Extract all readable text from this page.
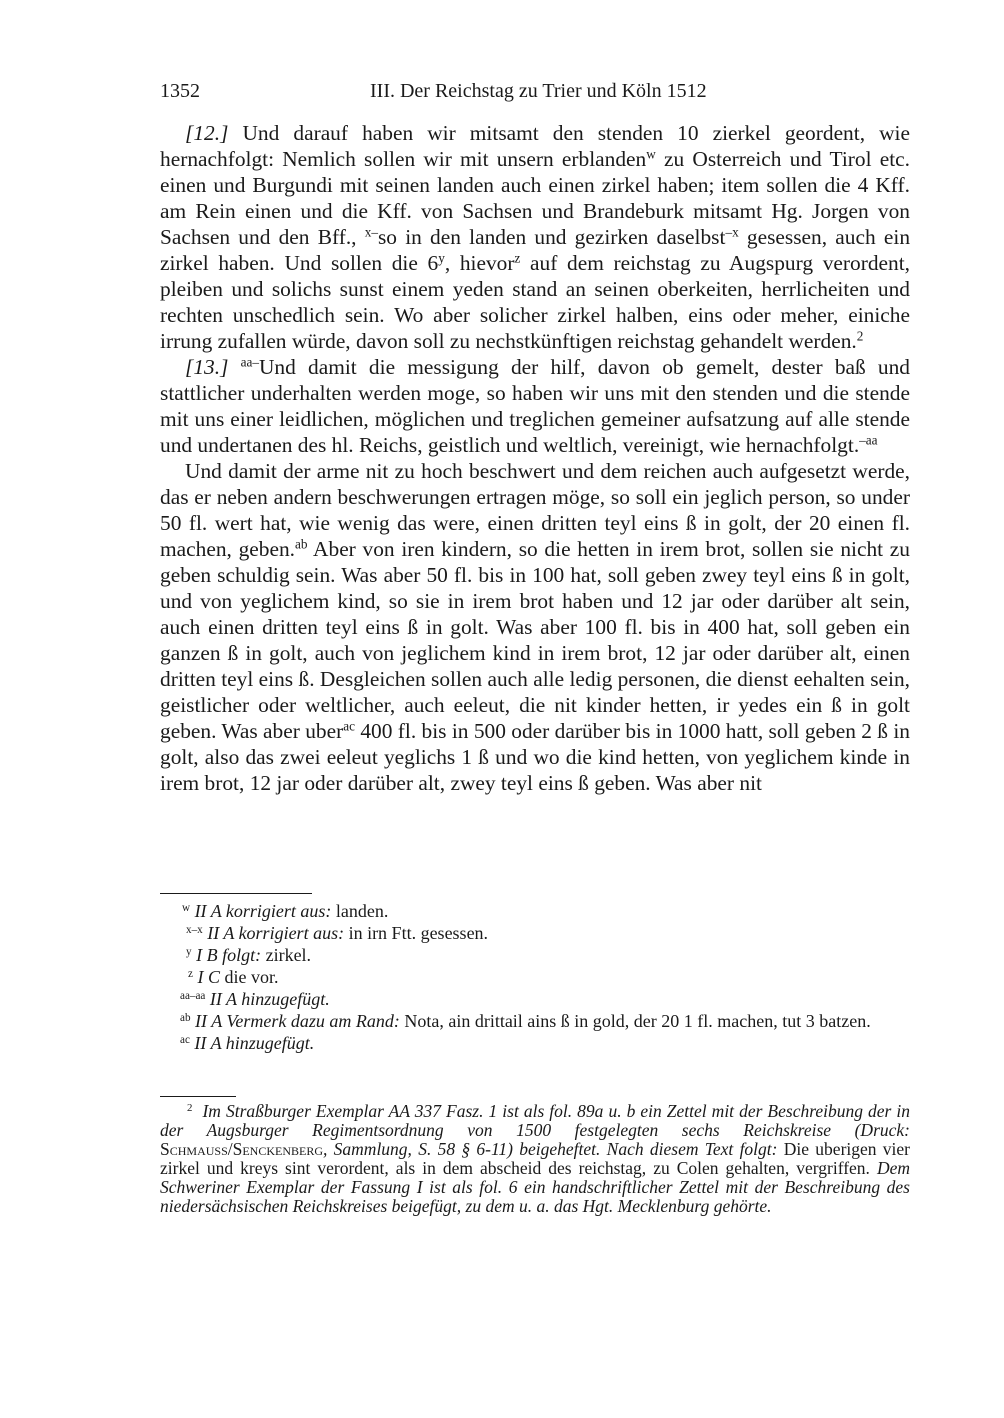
1352	III. Der Reichstag zu Trier und Köln 1512

[12.] Und darauf haben wir mitsamt den stenden 10 zierkel geordent, wie hernachfolgt: Nemlich sollen wir mit unsern erblanden$^w$ zu Osterreich und Tirol etc. einen und Burgundi mit seinen landen auch einen zirkel haben; item sollen die 4 Kff. am Rein einen und die Kff. von Sachsen und Brandeburk mitsamt Hg. Jorgen von Sachsen und den Bff., $^{x-}$so in den landen und gezirken daselbst$^{-x}$ gesessen, auch ein zirkel haben. Und sollen die 6$^y$, hievor$^z$ auf dem reichstag zu Augspurg verordent, pleiben und solichs sunst einem yeden stand an seinen oberkeiten, herrlicheiten und rechten unschedlich sein. Wo aber solicher zirkel halben, eins oder meher, einiche irrung zufallen würde, davon soll zu nechstkünftigen reichstag gehandelt werden.$^2$

[13.] $^{aa-}$Und damit die messigung der hilf, davon ob gemelt, dester baß und stattlicher underhalten werden moge, so haben wir uns mit den stenden und die stende mit uns einer leidlichen, möglichen und treglichen gemeiner aufsatzung auf alle stende und undertanen des hl. Reichs, geistlich und weltlich, vereinigt, wie hernachfolgt.$^{-aa}$

Und damit der arme nit zu hoch beschwert und dem reichen auch aufgesetzt werde, das er neben andern beschwerungen ertragen möge, so soll ein jeglich person, so under 50 fl. wert hat, wie wenig das were, einen dritten teyl eins ß in golt, der 20 einen fl. machen, geben.$^{ab}$ Aber von iren kindern, so die hetten in irem brot, sollen sie nicht zu geben schuldig sein. Was aber 50 fl. bis in 100 hat, soll geben zwey teyl eins ß in golt, und von yeglichem kind, so sie in irem brot haben und 12 jar oder darüber alt sein, auch einen dritten teyl eins ß in golt. Was aber 100 fl. bis in 400 hat, soll geben ein ganzen ß in golt, auch von jeglichem kind in irem brot, 12 jar oder darüber alt, einen dritten teyl eins ß. Desgleichen sollen auch alle ledig personen, die dienst eehalten sein, geistlicher oder weltlicher, auch eeleut, die nit kinder hetten, ir yedes ein ß in golt geben. Was aber uber$^{ac}$ 400 fl. bis in 500 oder darüber bis in 1000 hatt, soll geben 2 ß in golt, also das zwei eeleut yeglichs 1 ß und wo die kind hetten, von yeglichem kinde in irem brot, 12 jar oder darüber alt, zwey teyl eins ß geben. Was aber nit

$^w$ II A korrigiert aus: landen.
$^{x-x}$ II A korrigiert aus: in irn Ftt. gesessen.
$^y$ I B folgt: zirkel.
$^z$ I C die vor.
$^{aa-aa}$ II A hinzugefügt.
$^{ab}$ II A Vermerk dazu am Rand: Nota, ain drittail ains ß in gold, der 20 1 fl. machen, tut 3 batzen.
$^{ac}$ II A hinzugefügt.

$^2$ Im Straßburger Exemplar AA 337 Fasz. 1 ist als fol. 89a u. b ein Zettel mit der Beschreibung der in der Augsburger Regimentsordnung von 1500 festgelegten sechs Reichskreise (Druck: Schmauss/Senckenberg, Sammlung, S. 58 § 6-11) beigeheftet. Nach diesem Text folgt: Die uberigen vier zirkel und kreys sint verordent, als in dem abscheid des reichstag, zu Colen gehalten, vergriffen. Dem Schweriner Exemplar der Fassung I ist als fol. 6 ein handschriftlicher Zettel mit der Beschreibung des niedersächsischen Reichskreises beigefügt, zu dem u. a. das Hgt. Mecklenburg gehörte.
